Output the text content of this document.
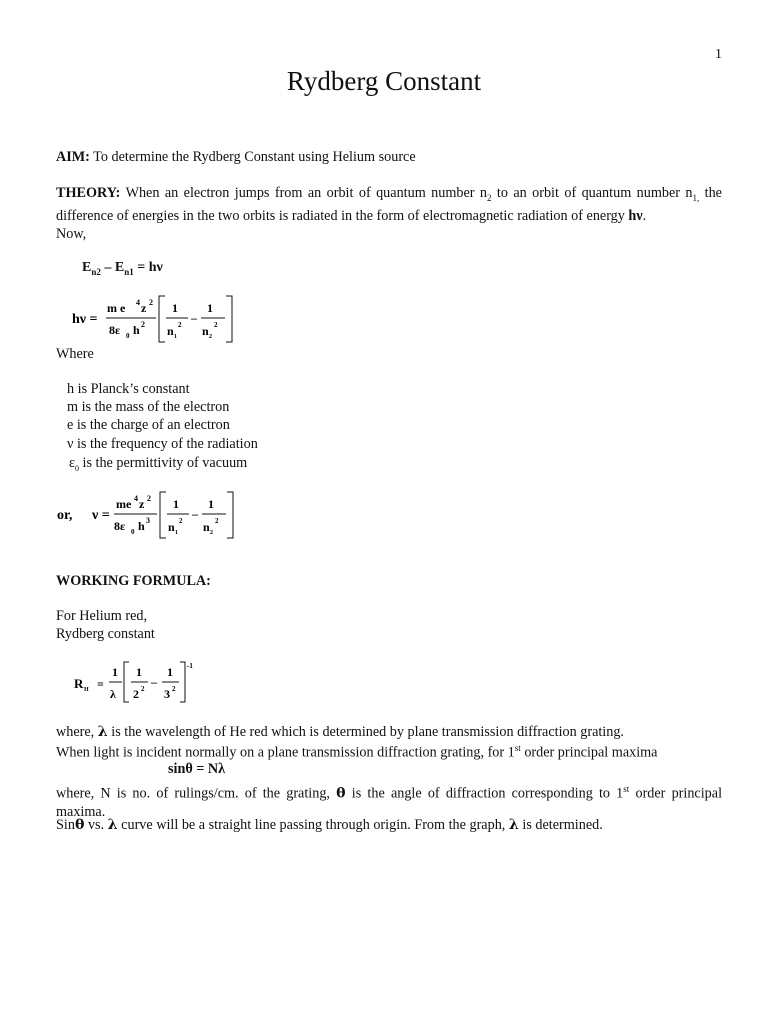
1
Rydberg Constant
AIM: To determine the Rydberg Constant using Helium source
THEORY: When an electron jumps from an orbit of quantum number $n_2$ to an orbit of quantum number $n_{1,}$ the difference of energies in the two orbits is radiated in the form of electromagnetic radiation of energy hν.
Now,
$E_{n2} - E_{n1} = h\nu$
hν =
m e 4 z 2
8ε 0 h 2
1
n 1
2 –
1
n 2
2
Where
h is Planck’s constant
m is the mass of the electron
e is the charge of an electron
ν is the frequency of the radiation
$\varepsilon_0$ is the permittivity of vacuum
or, ν =
me 4 z 2
8ε 0 h 3
1
n 1
2 –
1
n 2
2
WORKING FORMULA:
For Helium red,
Rydberg constant
R H =
1
λ
1
2 2 –
1
3 2
-1
where, λ is the wavelength of He red which is determined by plane transmission diffraction grating.
When light is incident normally on a plane transmission diffraction grating, for 1st order principal maxima
sinθ = Nλ
where, N is no. of rulings/cm. of the grating, θ is the angle of diffraction corresponding to 1st order principal maxima.
Sinθ vs. λ curve will be a straight line passing through origin. From the graph, λ is determined.
